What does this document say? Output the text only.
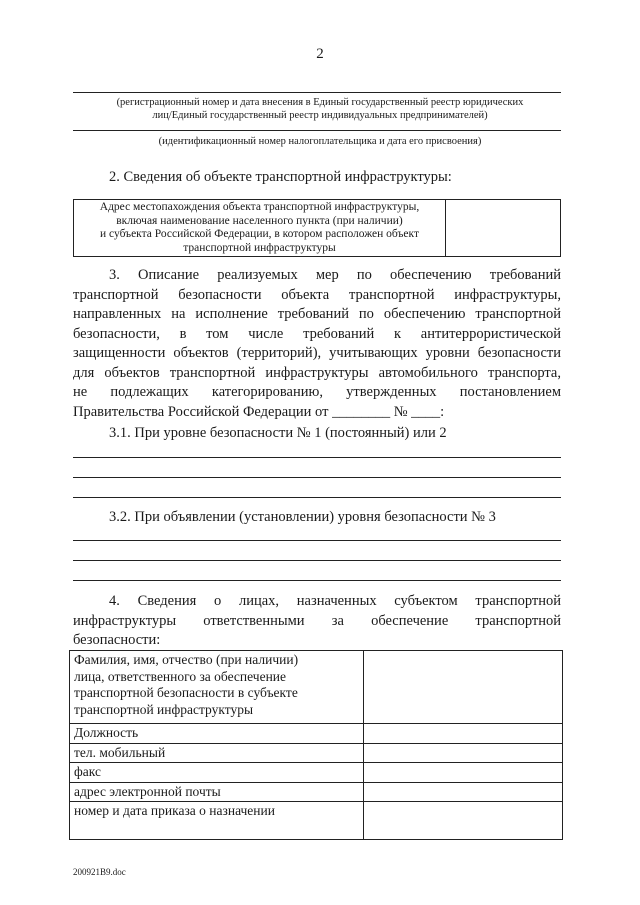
2
(регистрационный номер и дата внесения в Единый государственный реестр юридических
лиц/Единый государственный реестр индивидуальных предпринимателей)
(идентификационный номер налогоплательщика и дата его присвоения)
2. Сведения об объекте транспортной инфраструктуры:
Адрес местопахождения объекта транспортной инфраструктуры,
включая наименование населенного пункта (при наличии)
и субъекта Российской Федерации, в котором расположен объект
транспортной инфраструктуры
3. Описание реализуемых мер по обеспечению требований
транспортной безопасности объекта транспортной инфраструктуры,
направленных на исполнение требований по обеспечению транспортной
безопасности, в том числе требований к антитеррористической
защищенности объектов (территорий), учитывающих уровни безопасности
для объектов транспортной инфраструктуры автомобильного транспорта,
не подлежащих категорированию, утвержденных постановлением
Правительства Российской Федерации от ________ № ____:
3.1. При уровне безопасности № 1 (постоянный) или 2
3.2. При объявлении (установлении) уровня безопасности № 3
4. Сведения о лицах, назначенных субъектом транспортной
инфраструктуры ответственными за обеспечение транспортной
безопасности:
Фамилия, имя, отчество (при наличии)
лица, ответственного за обеспечение
транспортной безопасности в субъекте
транспортной инфраструктуры	

Должность	
тел. мобильный	
факс	
адрес электронной почты	
номер и дата приказа о назначении	
200921B9.doc
